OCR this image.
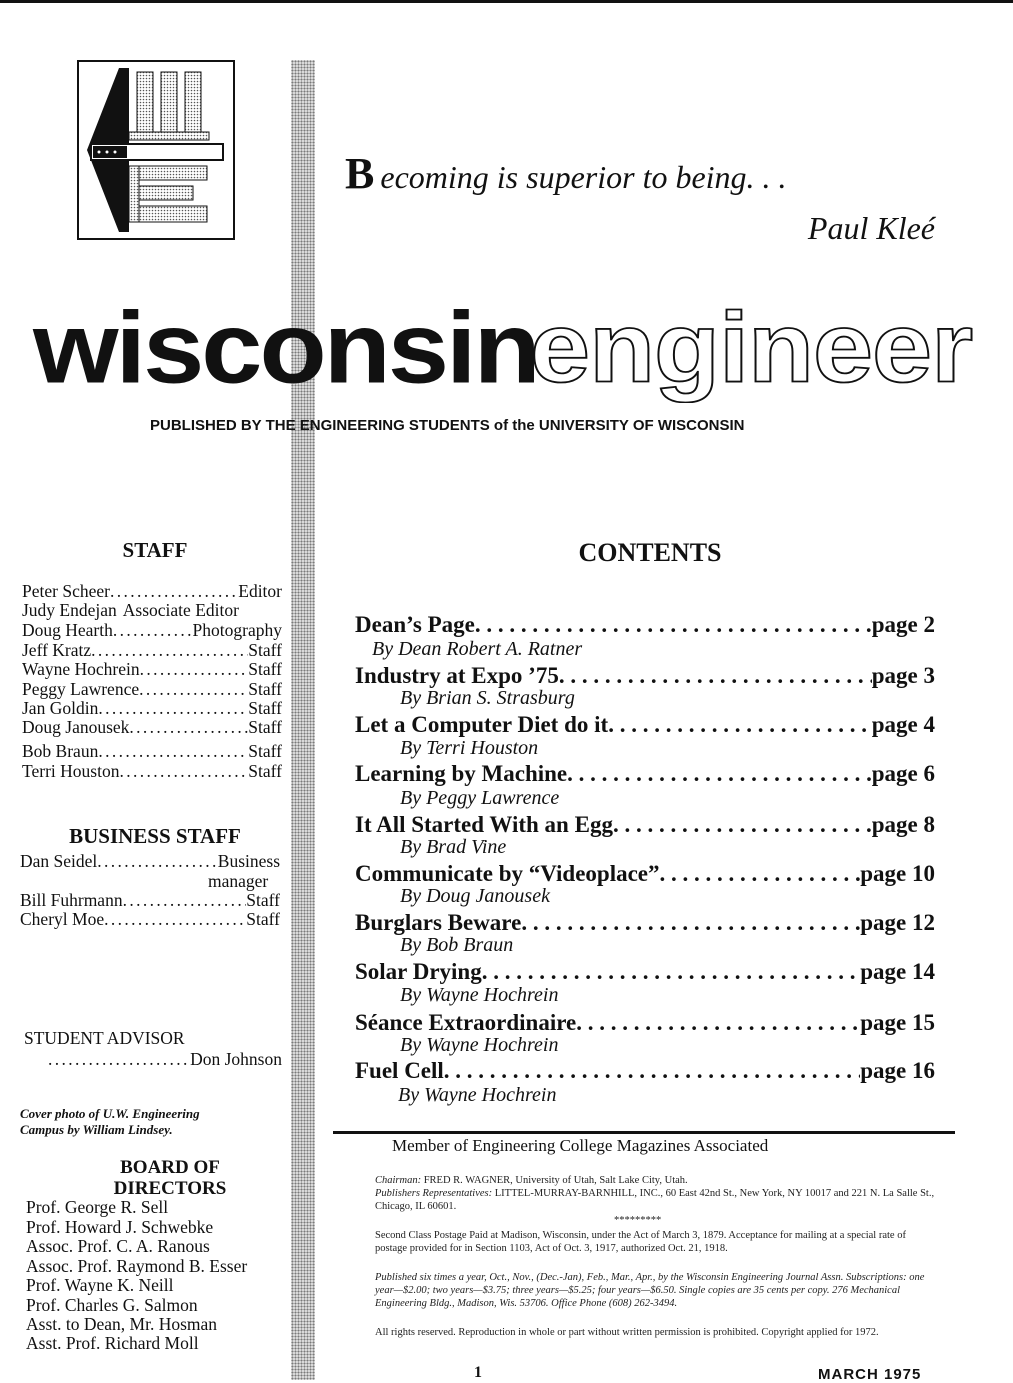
B ecoming is superior to being. . .
Paul Kleé
wisconsin
engineer
PUBLISHED BY THE ENGINEERING STUDENTS of the UNIVERSITY OF WISCONSIN
STAFF
Peter Scheer . . .	Editor
Judy Endejan Associate Editor
Doug Hearth . . .	Photography
Jeff Kratz . . .	Staff
Wayne Hochrein . . .	Staff
Peggy Lawrence . . .	Staff
Jan Goldin . . .	Staff
Doug Janousek . . .	Staff
Bob Braun . . .	Staff
Terri Houston . . .	Staff
BUSINESS STAFF
Dan Seidel . . .	Business
manager
Bill Fuhrmann . . .	Staff
Cheryl Moe . . .	Staff
STUDENT ADVISOR
. . .
Don Johnson
Cover photo of U.W. Engineering
Campus by William Lindsey.
BOARD OF
DIRECTORS
Prof. George R. Sell
Prof. Howard J. Schwebke
Assoc. Prof. C. A. Ranous
Assoc. Prof. Raymond B. Esser
Prof. Wayne K. Neill
Prof. Charles G. Salmon
Asst. to Dean, Mr. Hosman
Asst. Prof. Richard Moll
CONTENTS
Dean’s Page . . .	page 2
By Dean Robert A. Ratner
Industry at Expo ’75 . . .	page 3
By Brian S. Strasburg
Let a Computer Diet do it . . .	page 4
By Terri Houston
Learning by Machine . . .	page 6
By Peggy Lawrence
It All Started With an Egg . . .	page 8
By Brad Vine
Communicate by “Videoplace” . . .	page 10
By Doug Janousek
Burglars Beware . . .	page 12
By Bob Braun
Solar Drying . . .	page 14
By Wayne Hochrein
Séance Extraordinaire . . .	page 15
By Wayne Hochrein
Fuel Cell . . .	page 16
By Wayne Hochrein
Member of Engineering College Magazines Associated
Chairman: FRED R. WAGNER, University of Utah, Salt Lake City, Utah.
Publishers Representatives: LITTEL-MURRAY-BARNHILL, INC., 60 East 42nd St., New York, NY 10017 and 221 N. La Salle St., Chicago, IL 60601.
*********
Second Class Postage Paid at Madison, Wisconsin, under the Act of March 3, 1879. Acceptance for mailing at a special rate of postage provided for in Section 1103, Act of Oct. 3, 1917, authorized Oct. 21, 1918.
Published six times a year, Oct., Nov., (Dec.-Jan), Feb., Mar., Apr., by the Wisconsin Engineering Journal Assn. Subscriptions: one year—$2.00; two years—$3.75; three years—$5.25; four years—$6.50. Single copies are 35 cents per copy. 276 Mechanical Engineering Bldg., Madison, Wis. 53706. Office Phone (608) 262-3494.
All rights reserved. Reproduction in whole or part without written permission is prohibited. Copyright applied for 1972.
1	MARCH 1975
